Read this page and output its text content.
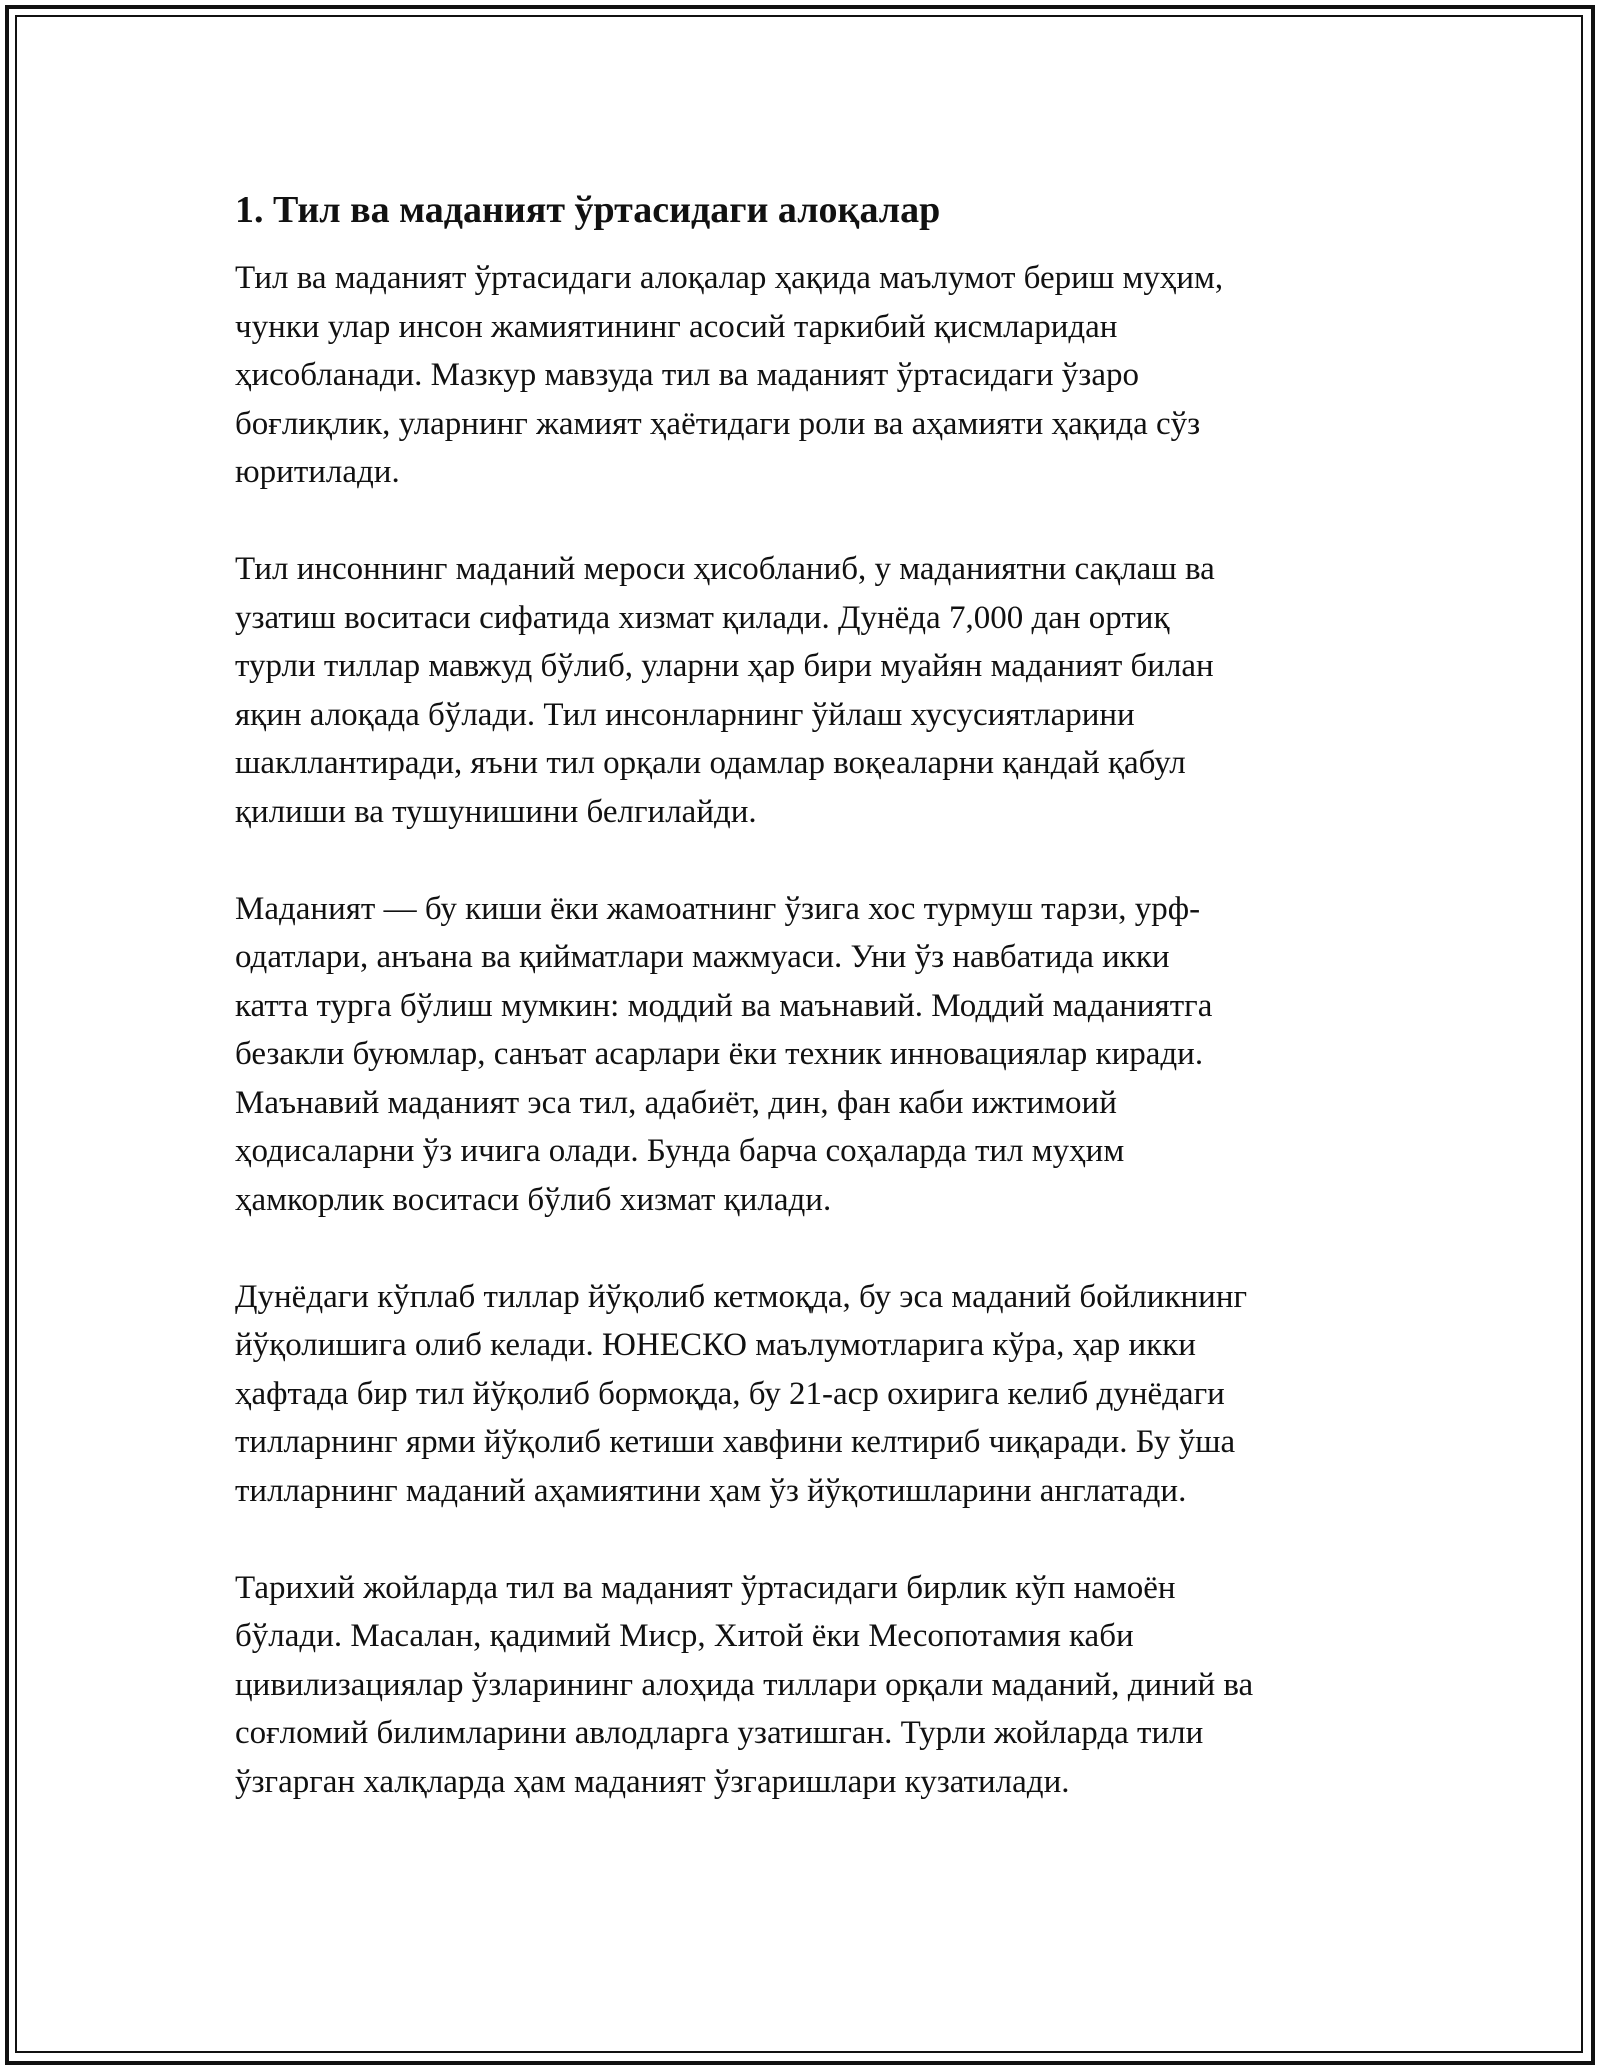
1. Тил ва маданият ўртасидаги алоқалар

Тил ва маданият ўртасидаги алоқалар ҳақида маълумот бериш муҳим,
чунки улар инсон жамиятининг асосий таркибий қисмларидан
ҳисобланади. Мазкур мавзуда тил ва маданият ўртасидаги ўзаро
боғлиқлик, уларнинг жамият ҳаётидаги роли ва аҳамияти ҳақида сўз
юритилади.

Тил инсоннинг маданий мероси ҳисобланиб, у маданиятни сақлаш ва
узатиш воситаси сифатида хизмат қилади. Дунёда 7,000 дан ортиқ
турли тиллар мавжуд бўлиб, уларни ҳар бири муайян маданият билан
яқин алоқада бўлади. Тил инсонларнинг ўйлаш хусусиятларини
шакллантиради, яъни тил орқали одамлар воқеаларни қандай қабул
қилиши ва тушунишини белгилайди.

Маданият — бу киши ёки жамоатнинг ўзига хос турмуш тарзи, урф-
одатлари, анъана ва қийматлари мажмуаси. Уни ўз навбатида икки
катта турга бўлиш мумкин: моддий ва маънавий. Моддий маданиятга
безакли буюмлар, санъат асарлари ёки техник инновациялар киради.
Маънавий маданият эса тил, адабиёт, дин, фан каби ижтимоий
ҳодисаларни ўз ичига олади. Бунда барча соҳаларда тил муҳим
ҳамкорлик воситаси бўлиб хизмат қилади.

Дунёдаги кўплаб тиллар йўқолиб кетмоқда, бу эса маданий бойликнинг
йўқолишига олиб келади. ЮНЕСКО маълумотларига кўра, ҳар икки
ҳафтада бир тил йўқолиб бормоқда, бу 21-аср охирига келиб дунёдаги
тилларнинг ярми йўқолиб кетиши хавфини келтириб чиқаради. Бу ўша
тилларнинг маданий аҳамиятини ҳам ўз йўқотишларини англатади.

Тарихий жойларда тил ва маданият ўртасидаги бирлик кўп намоён
бўлади. Масалан, қадимий Миср, Хитой ёки Месопотамия каби
цивилизациялар ўзларининг алоҳида тиллари орқали маданий, диний ва
соғломий билимларини авлодларга узатишган. Турли жойларда тили
ўзгарган халқларда ҳам маданият ўзгаришлари кузатилади.
